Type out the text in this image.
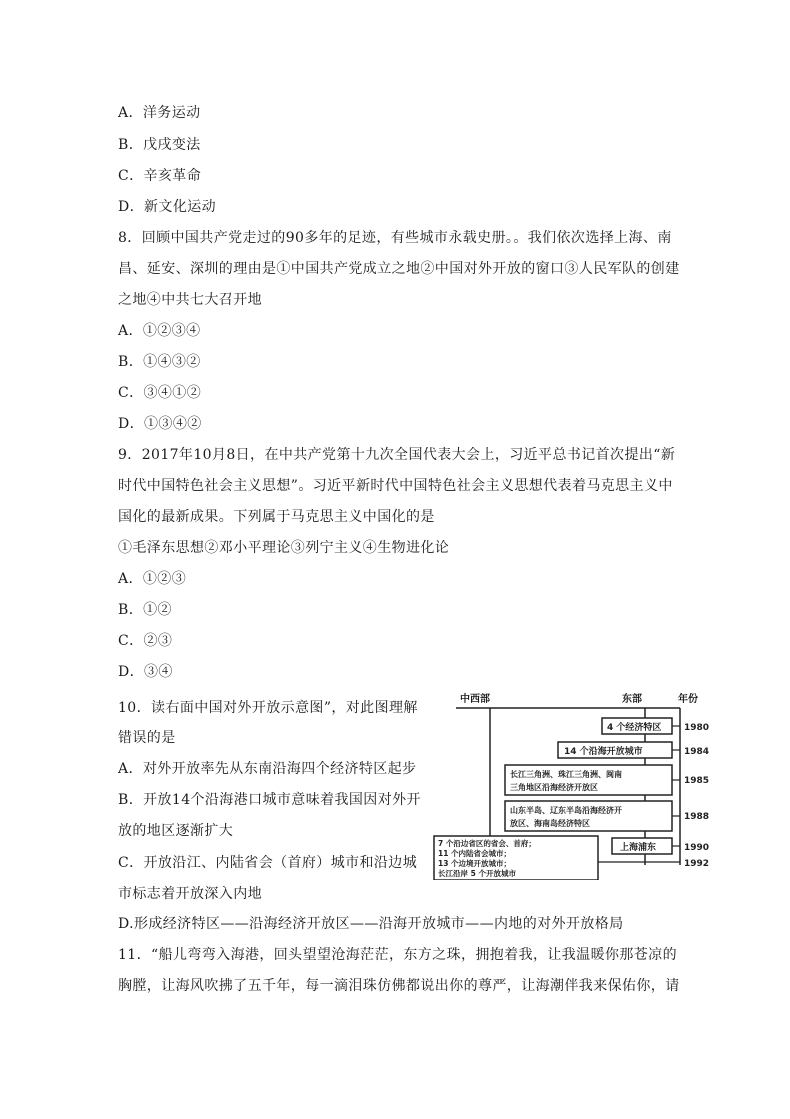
A．洋务运动
B．戊戌变法
C．辛亥革命
D．新文化运动
8．回顾中国共产党走过的90多年的足迹，有些城市永载史册。。我们依次选择上海、南
昌、延安、深圳的理由是①中国共产党成立之地②中国对外开放的窗口③人民军队的创建
之地④中共七大召开地
A．①②③④
B．①④③②
C．③④①②
D．①③④②
9．2017年10月8日，在中共产党第十九次全国代表大会上，习近平总书记首次提出“新
时代中国特色社会主义思想”。习近平新时代中国特色社会主义思想代表着马克思主义中
国化的最新成果。下列属于马克思主义中国化的是
①毛泽东思想②邓小平理论③列宁主义④生物进化论
A．①②③
B．①②
C．②③
D．③④
10．读右面中国对外开放示意图”，对此图理解
错误的是
A．对外开放率先从东南沿海四个经济特区起步
B．开放14个沿海港口城市意味着我国因对外开
放的地区逐渐扩大
C．开放沿江、内陆省会（首府）城市和沿边城
市标志着开放深入内地
D.形成经济特区——沿海经济开放区——沿海开放城市——内地的对外开放格局
11．“船儿弯弯入海港，回头望望沧海茫茫，东方之珠，拥抱着我，让我温暖你那苍凉的
胸膛，让海风吹拂了五千年，每一滴泪珠仿佛都说出你的尊严，让海潮伴我来保佑你，请
中西部	东部	年份
4 个经济特区	1980
14 个沿海开放城市	1984
长江三角洲、珠江三角洲、闽南
三角地区沿海经济开放区
1985
山东半岛、辽东半岛沿海经济开
放区、海南岛经济特区
1988
上海浦东	1990
7 个沿边省区的省会、首府；
11 个内陆省会城市；
13 个边境开放城市；
长江沿岸 5 个开放城市
1992
